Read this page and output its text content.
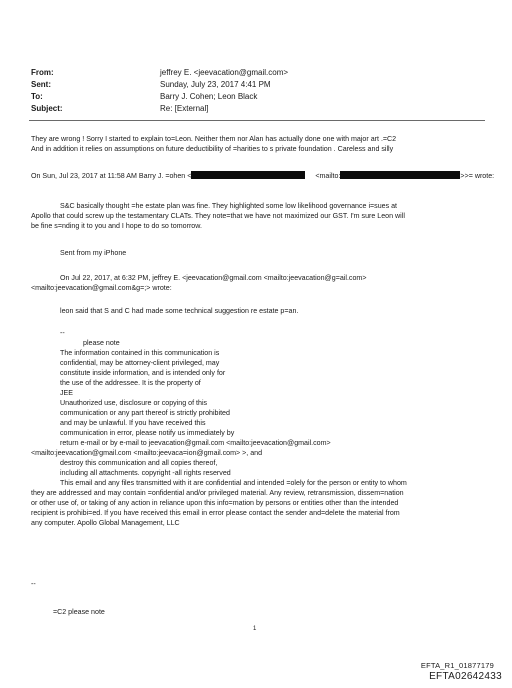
From:	jeffrey E. <jeevacation@gmail.com>
Sent:	Sunday, July 23, 2017 4:41 PM
To:	Barry J. Cohen; Leon Black
Subject:	Re: [External]
They are wrong ! Sorry I started to explain to=Leon. Neither them nor Alan has actually done one with major art .=C2
And in addition it relies on assumptions on future deductibility of =harities to s private foundation . Careless and silly
On Sun, Jul 23, 2017 at 11:58 AM Barry J. =ohen <	<mailto:	>>= wrote:
S&C basically thought =he estate plan was fine. They highlighted some low likelihood governance i=sues at
Apollo that could screw up the testamentary CLATs. They note=that we have not maximized our GST. I'm sure Leon will
be fine s=nding it to you and I hope to do so tomorrow.
Sent from my iPhone
On Jul 22, 2017, at 6:32 PM, jeffrey E. <jeevacation@gmail.com <mailto:jeevacation@g=ail.com>
<mailto:jeevacation@gmail.com&g=;> wrote:
leon said that S and C had made some technical suggestion re estate p=an.
--
please note
The information contained in this communication is
confidential, may be attorney-client privileged, may
constitute inside information, and is intended only for
the use of the addressee. It is the property of
JEE
Unauthorized use, disclosure or copying of this
communication or any part thereof is strictly prohibited
and may be unlawful. If you have received this
communication in error, please notify us immediately by
return e-mail or by e-mail to jeevacation@gmail.com <mailto:jeevacation@gmail.com>
<mailto:jeevacation@gmail.com <mailto:jeevaca=ion@gmail.com> >, and
destroy this communication and all copies thereof,
including all attachments. copyright -all rights reserved
This email and any files transmitted with it are confidential and intended =olely for the person or entity to whom
they are addressed and may contain =onfidential and/or privileged material. Any review, retransmission, dissem=nation
or other use of, or taking of any action in reliance upon this info=mation by persons or entities other than the intended
recipient is prohibi=ed. If you have received this email in error please contact the sender and=delete the material from
any computer. Apollo Global Management, LLC
--
=C2 please note
1
EFTA_R1_01877179
EFTA02642433
